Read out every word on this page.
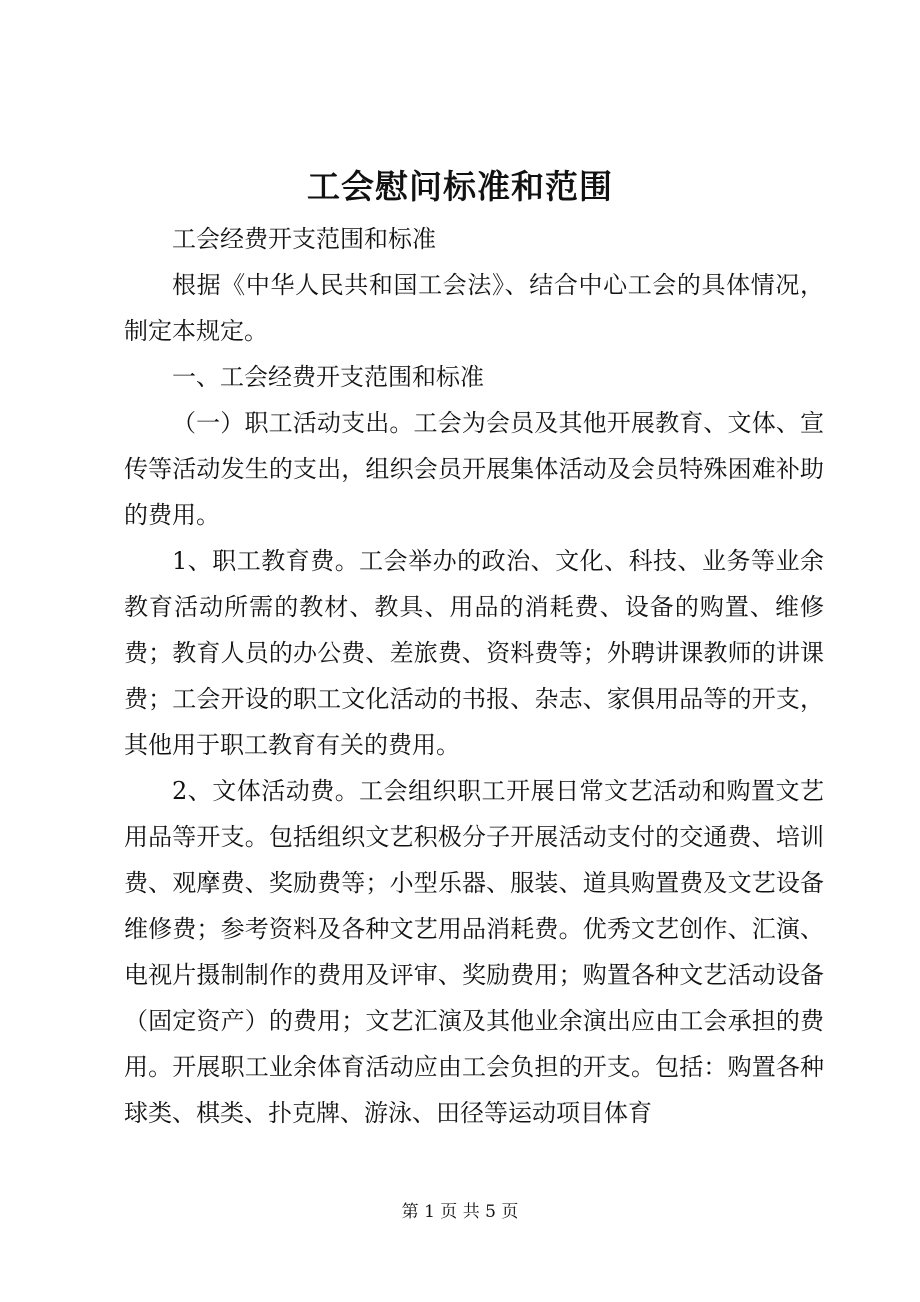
工会慰问标准和范围

工会经费开支范围和标准

根据《中华人民共和国工会法》、结合中心工会的具体情况，制定本规定。

一、工会经费开支范围和标准

（一）职工活动支出。工会为会员及其他开展教育、文体、宣传等活动发生的支出，组织会员开展集体活动及会员特殊困难补助的费用。

1、职工教育费。工会举办的政治、文化、科技、业务等业余教育活动所需的教材、教具、用品的消耗费、设备的购置、维修费；教育人员的办公费、差旅费、资料费等；外聘讲课教师的讲课费；工会开设的职工文化活动的书报、杂志、家俱用品等的开支，其他用于职工教育有关的费用。

2、文体活动费。工会组织职工开展日常文艺活动和购置文艺用品等开支。包括组织文艺积极分子开展活动支付的交通费、培训费、观摩费、奖励费等；小型乐器、服装、道具购置费及文艺设备维修费；参考资料及各种文艺用品消耗费。优秀文艺创作、汇演、电视片摄制制作的费用及评审、奖励费用；购置各种文艺活动设备（固定资产）的费用；文艺汇演及其他业余演出应由工会承担的费用。开展职工业余体育活动应由工会负担的开支。包括：购置各种球类、棋类、扑克牌、游泳、田径等运动项目体育

第 1 页 共 5 页
